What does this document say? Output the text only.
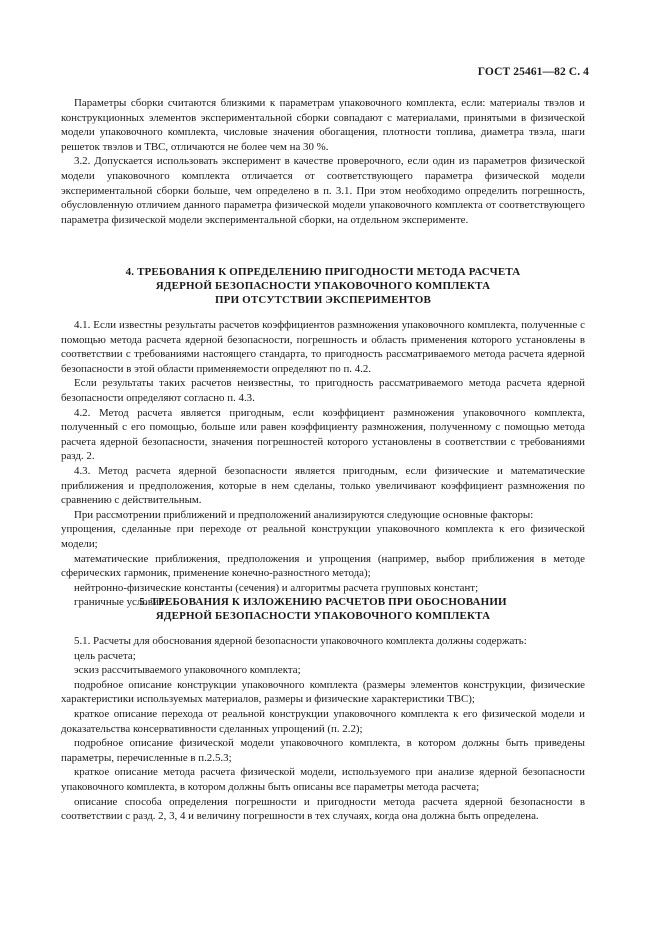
ГОСТ 25461—82 С. 4

Параметры сборки считаются близкими к параметрам упаковочного комплекта, если: материалы твэлов и конструкционных элементов экспериментальной сборки совпадают с материалами, принятыми в физической модели упаковочного комплекта, числовые значения обогащения, плотности топлива, диаметра твэла, шаги решеток твэлов и ТВС, отличаются не более чем на 30 %.

3.2. Допускается использовать эксперимент в качестве проверочного, если один из параметров физической модели упаковочного комплекта отличается от соответствующего параметра физической модели экспериментальной сборки больше, чем определено в п. 3.1. При этом необходимо определить погрешность, обусловленную отличием данного параметра физической модели упаковочного комплекта от соответствующего параметра физической модели экспериментальной сборки, на отдельном эксперименте.

4. ТРЕБОВАНИЯ К ОПРЕДЕЛЕНИЮ ПРИГОДНОСТИ МЕТОДА РАСЧЕТА
ЯДЕРНОЙ БЕЗОПАСНОСТИ УПАКОВОЧНОГО КОМПЛЕКТА
ПРИ ОТСУТСТВИИ ЭКСПЕРИМЕНТОВ

4.1. Если известны результаты расчетов коэффициентов размножения упаковочного комплекта, полученные с помощью метода расчета ядерной безопасности, погрешность и область применения которого установлены в соответствии с требованиями настоящего стандарта, то пригодность рассматриваемого метода расчета ядерной безопасности в этой области применяемости определяют по п. 4.2.

Если результаты таких расчетов неизвестны, то пригодность рассматриваемого метода расчета ядерной безопасности определяют согласно п. 4.3.

4.2. Метод расчета является пригодным, если коэффициент размножения упаковочного комплекта, полученный с его помощью, больше или равен коэффициенту размножения, полученному с помощью метода расчета ядерной безопасности, значения погрешностей которого установлены в соответствии с требованиями разд. 2.

4.3. Метод расчета ядерной безопасности является пригодным, если физические и математические приближения и предположения, которые в нем сделаны, только увеличивают коэффициент размножения по сравнению с действительным.

При рассмотрении приближений и предположений анализируются следующие основные факторы:

упрощения, сделанные при переходе от реальной конструкции упаковочного комплекта к его физической модели;

математические приближения, предположения и упрощения (например, выбор приближения в методе сферических гармоник, применение конечно-разностного метода);

нейтронно-физические константы (сечения) и алгоритмы расчета групповых констант;

граничные условия.

5. ТРЕБОВАНИЯ К ИЗЛОЖЕНИЮ РАСЧЕТОВ ПРИ ОБОСНОВАНИИ
ЯДЕРНОЙ БЕЗОПАСНОСТИ УПАКОВОЧНОГО КОМПЛЕКТА

5.1. Расчеты для обоснования ядерной безопасности упаковочного комплекта должны содержать:

цель расчета;

эскиз рассчитываемого упаковочного комплекта;

подробное описание конструкции упаковочного комплекта (размеры элементов конструкции, физические характеристики используемых материалов, размеры и физические характеристики ТВС);

краткое описание перехода от реальной конструкции упаковочного комплекта к его физической модели и доказательства консервативности сделанных упрощений (п. 2.2);

подробное описание физической модели упаковочного комплекта, в котором должны быть приведены параметры, перечисленные в п.2.5.3;

краткое описание метода расчета физической модели, используемого при анализе ядерной безопасности упаковочного комплекта, в котором должны быть описаны все параметры метода расчета;

описание способа определения погрешности и пригодности метода расчета ядерной безопасности в соответствии с разд. 2, 3, 4 и величину погрешности в тех случаях, когда она должна быть определена.
